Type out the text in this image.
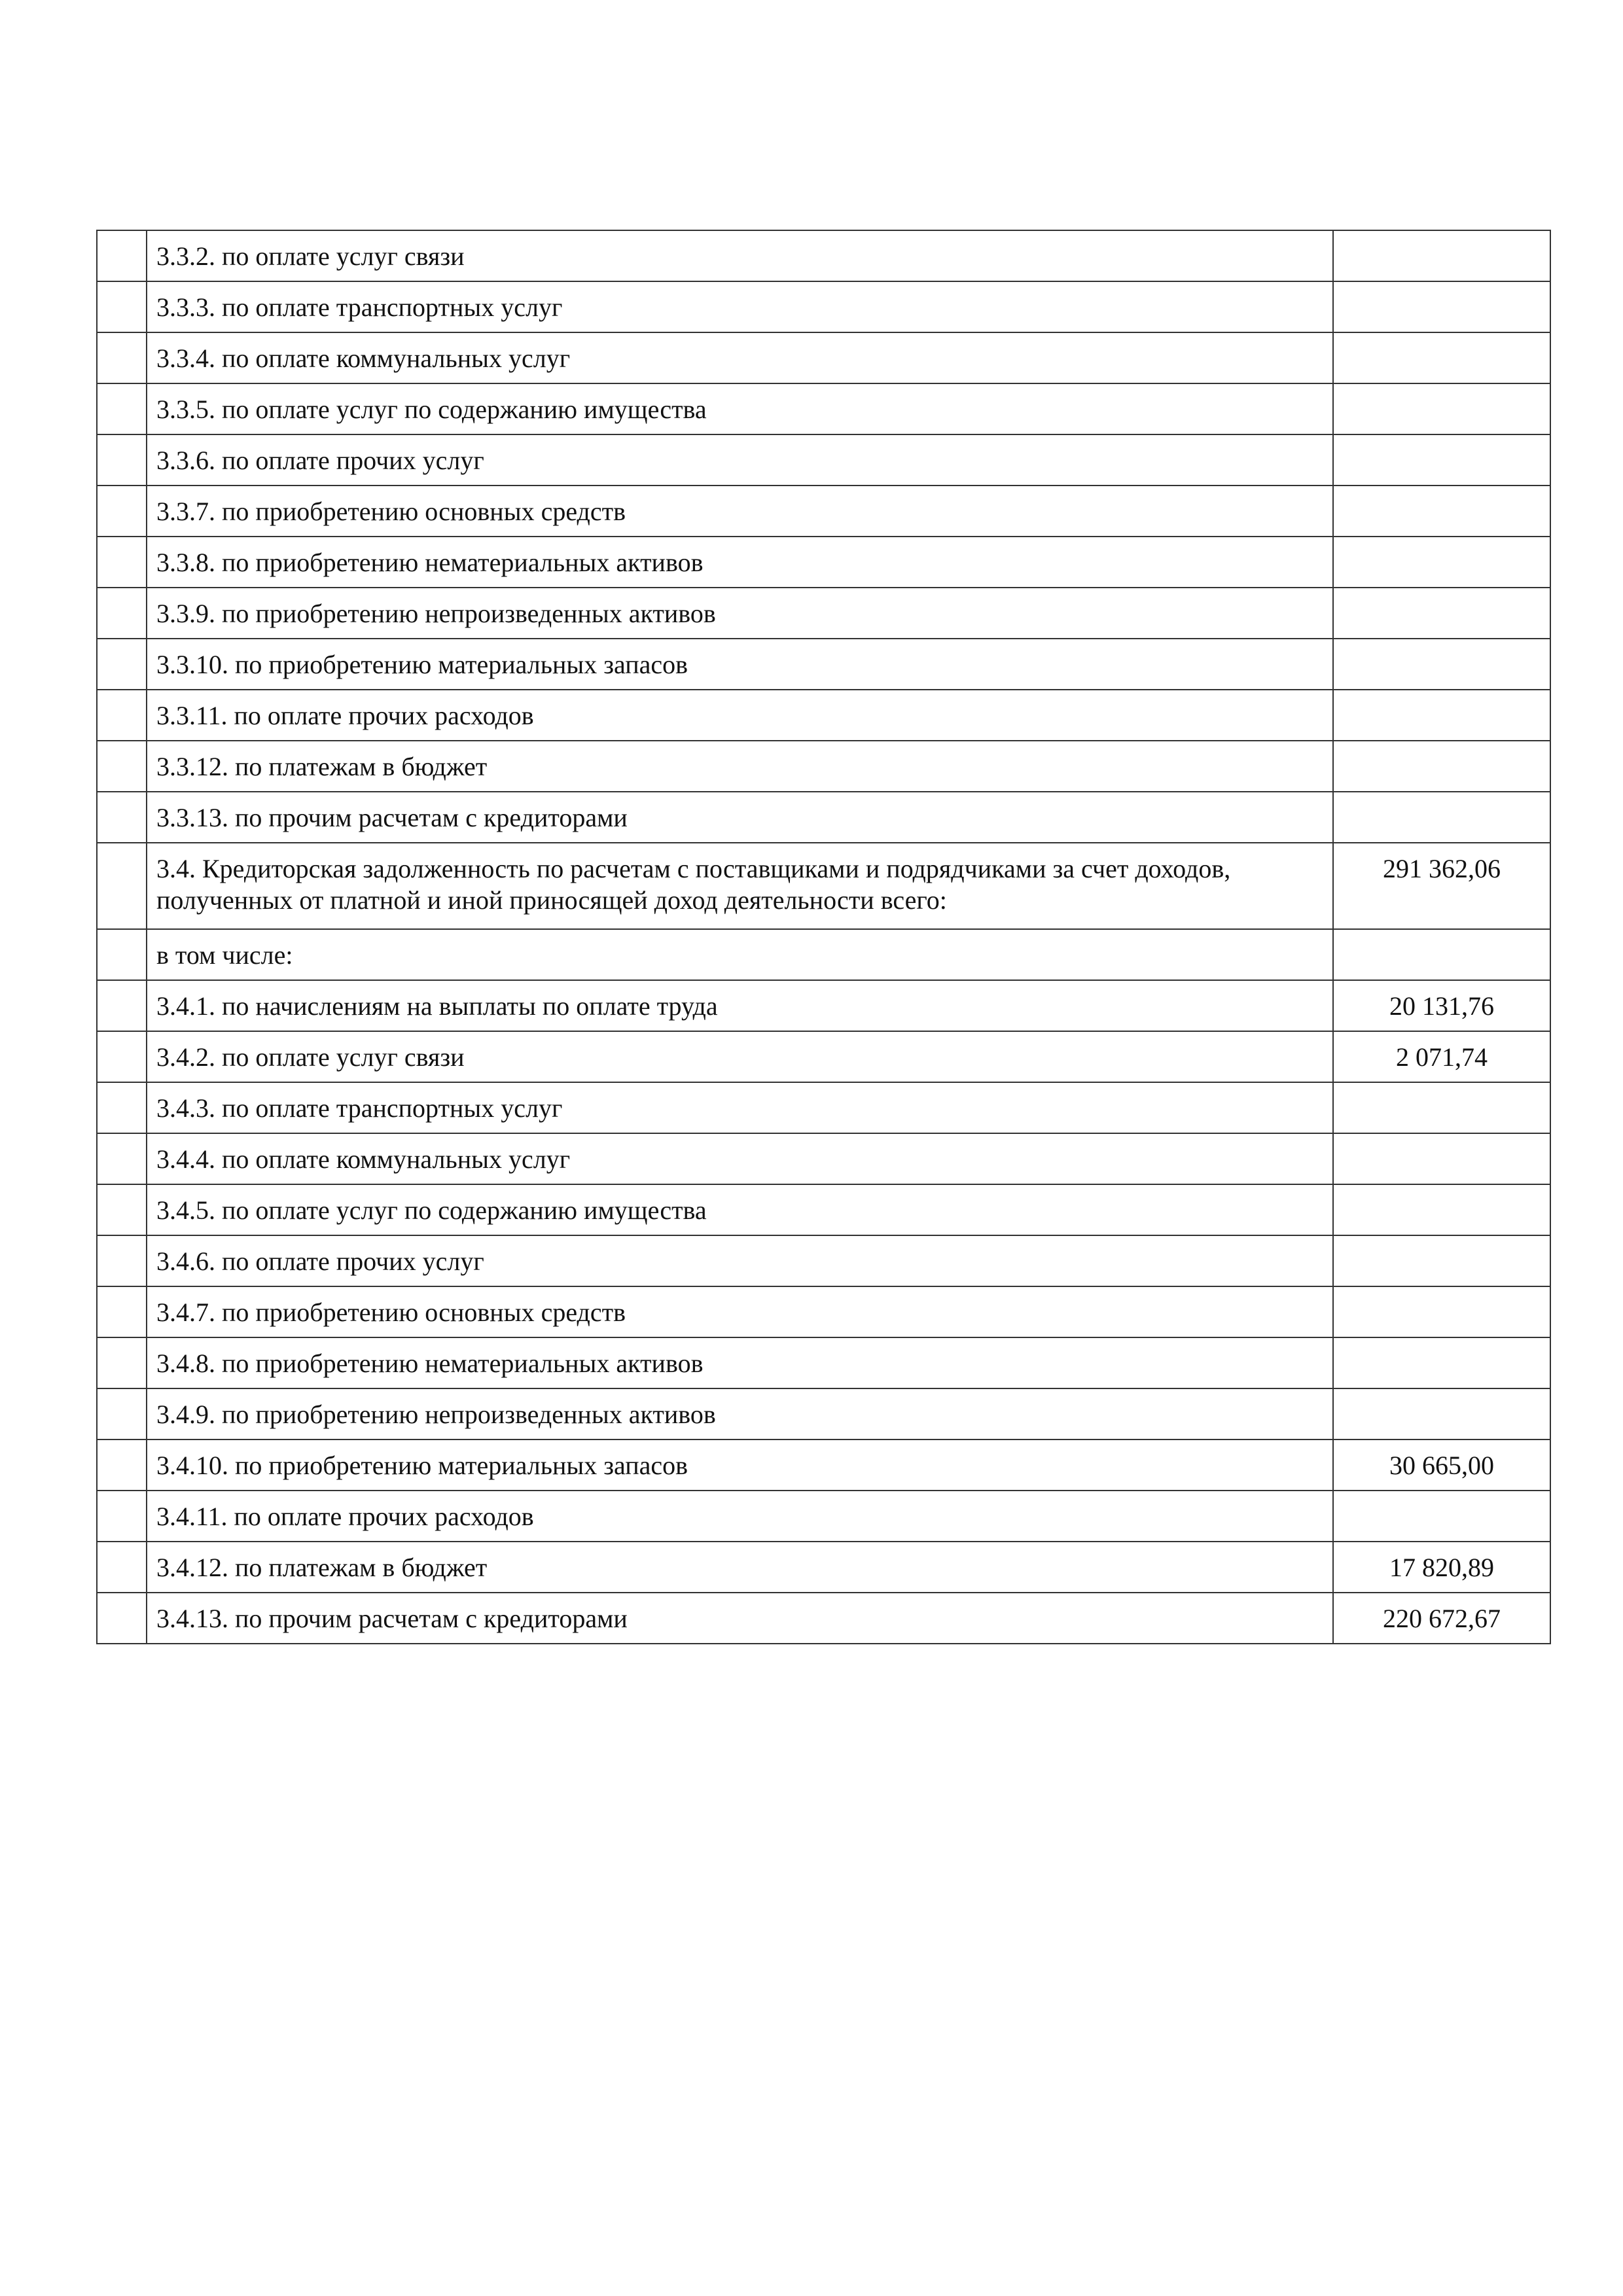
	3.3.2. по оплате услуг связи	
	3.3.3. по оплате транспортных услуг	
	3.3.4. по оплате коммунальных услуг	
	3.3.5. по оплате услуг по содержанию имущества	
	3.3.6. по оплате прочих услуг	
	3.3.7. по приобретению основных средств	
	3.3.8. по приобретению нематериальных активов	
	3.3.9. по приобретению непроизведенных активов	
	3.3.10. по приобретению материальных запасов	
	3.3.11. по оплате прочих расходов	
	3.3.12. по платежам в бюджет	
	3.3.13. по прочим расчетам с кредиторами	
	3.4. Кредиторская задолженность по расчетам с поставщиками и подрядчиками за счет доходов, полученных от платной и иной приносящей доход деятельности всего:	291 362,06
	в том числе:	
	3.4.1. по начислениям на выплаты по оплате труда	20 131,76
	3.4.2. по оплате услуг связи	2 071,74
	3.4.3. по оплате транспортных услуг	
	3.4.4. по оплате коммунальных услуг	
	3.4.5. по оплате услуг по содержанию имущества	
	3.4.6. по оплате прочих услуг	
	3.4.7. по приобретению основных средств	
	3.4.8. по приобретению нематериальных активов	
	3.4.9. по приобретению непроизведенных активов	
	3.4.10. по приобретению материальных запасов	30 665,00
	3.4.11. по оплате прочих расходов	
	3.4.12. по платежам в бюджет	17 820,89
	3.4.13. по прочим расчетам с кредиторами	220 672,67
